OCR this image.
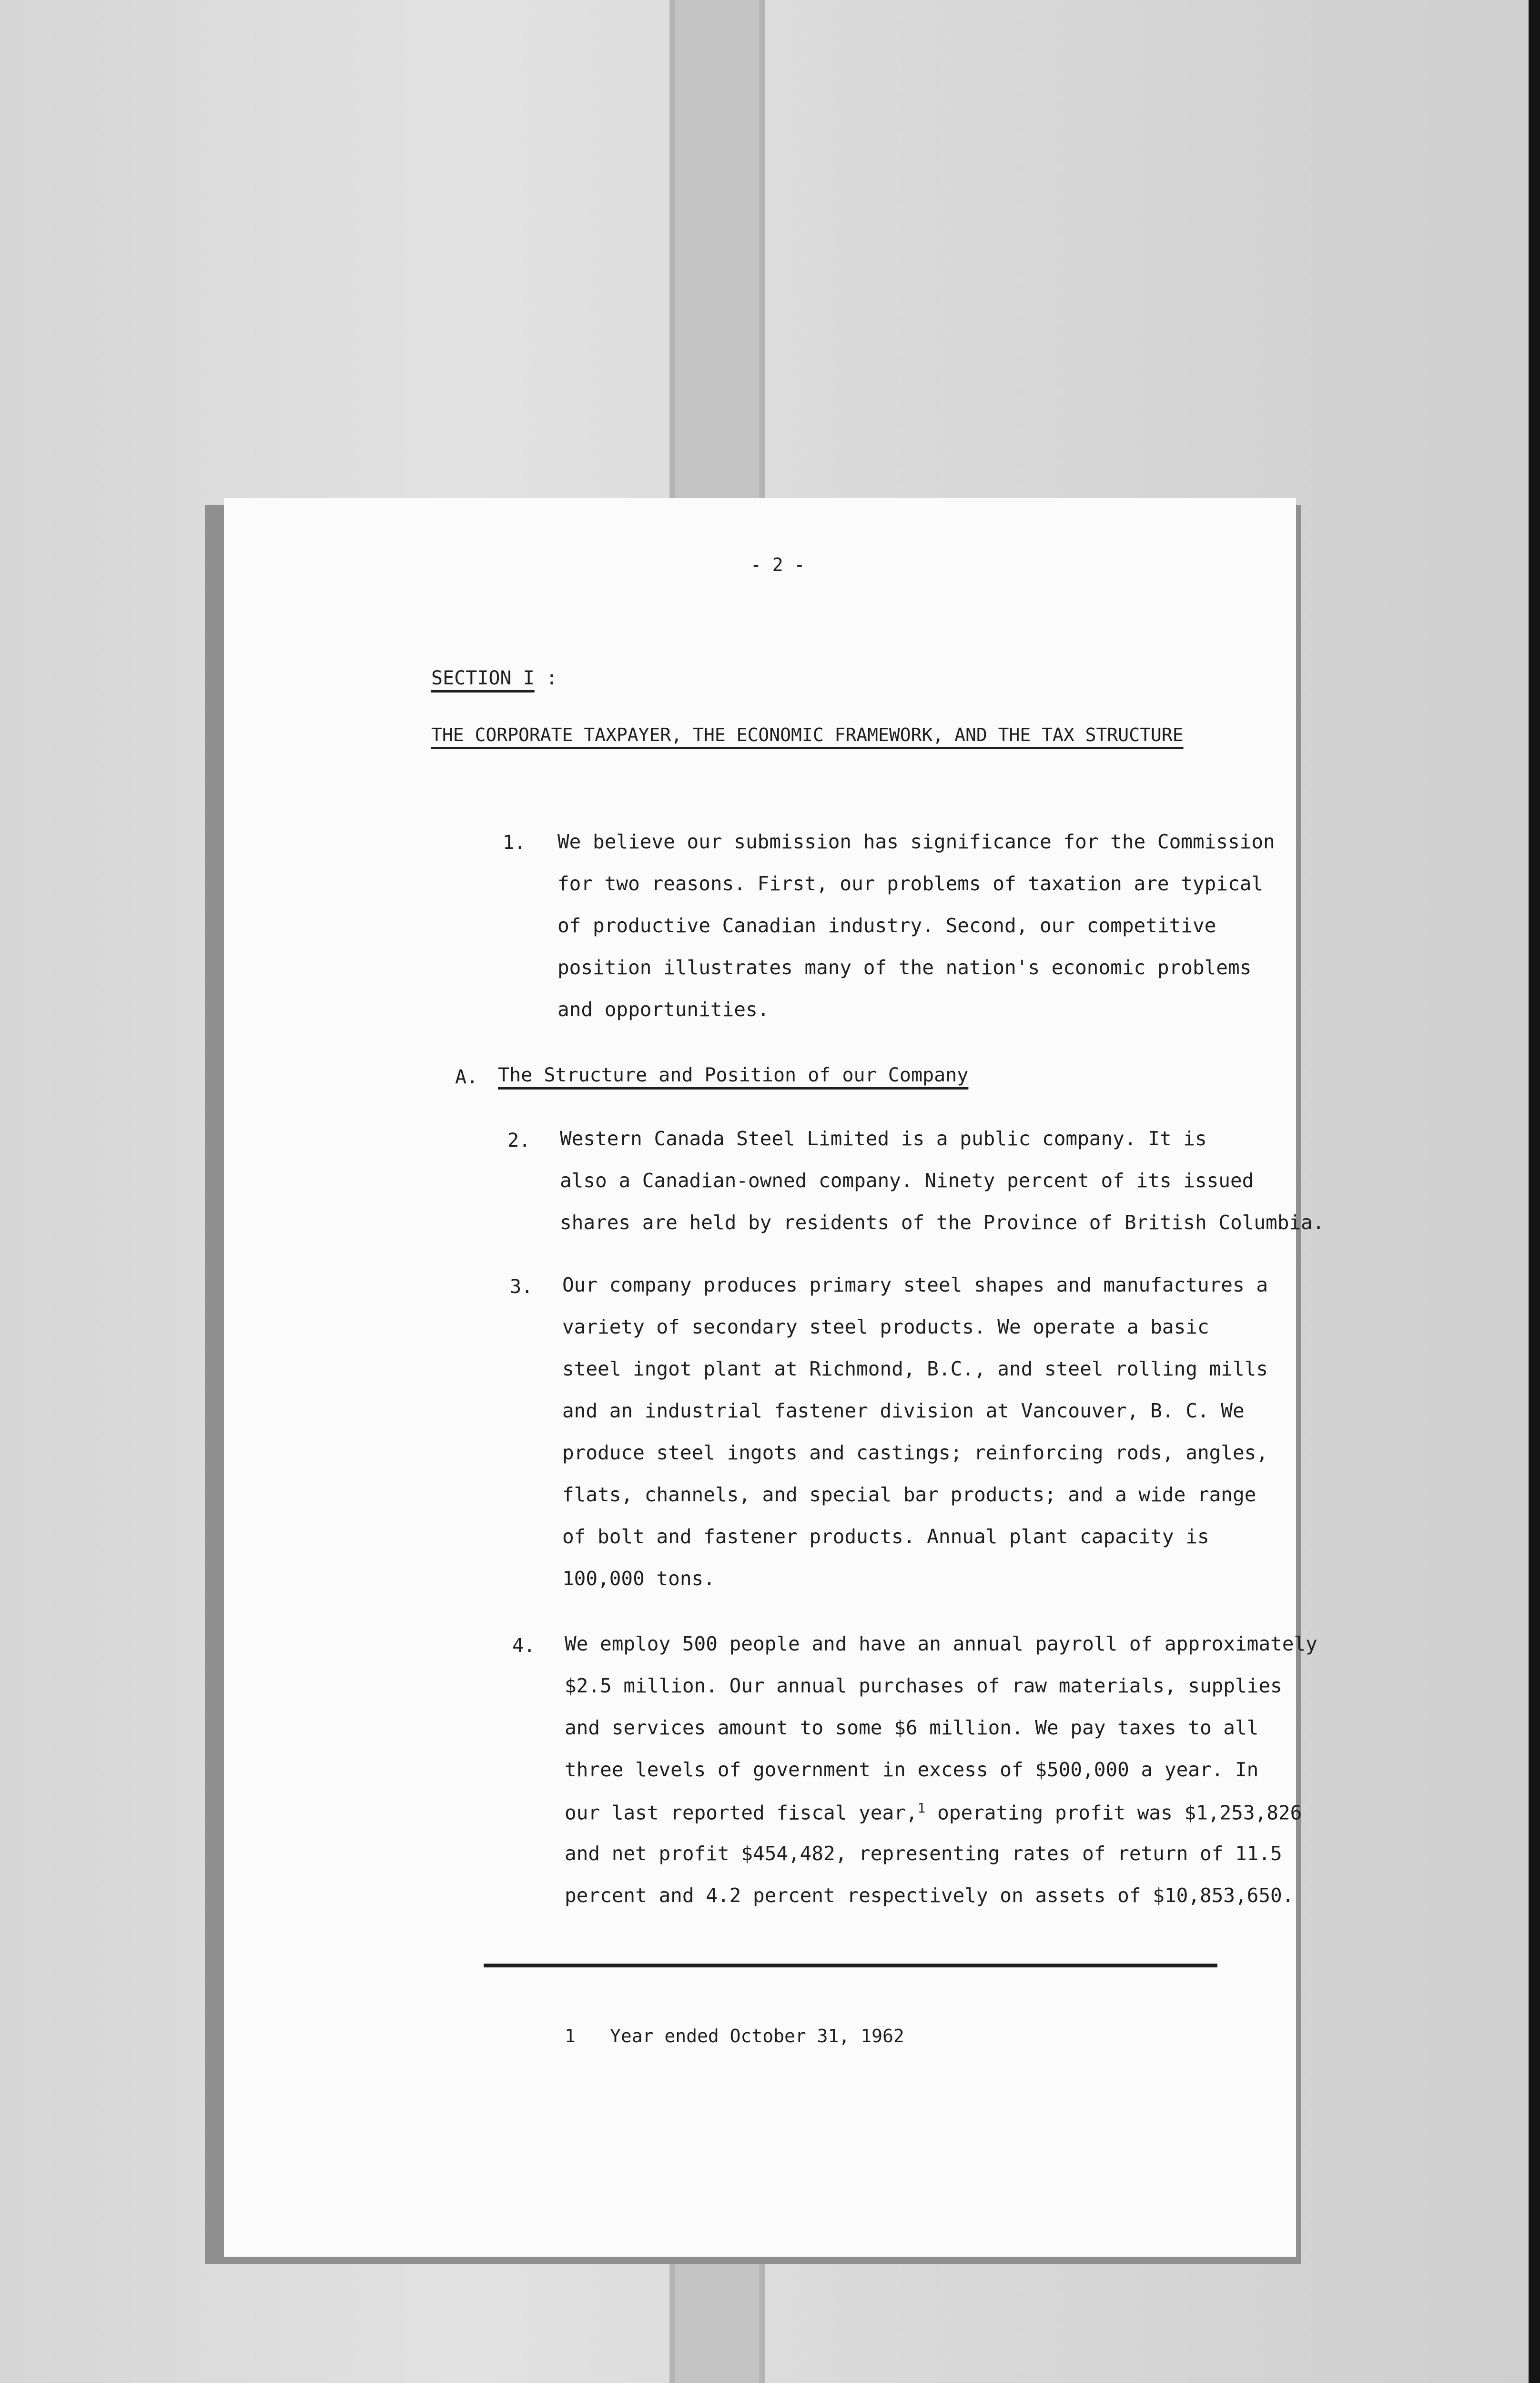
- 2 -
SECTION I :
THE CORPORATE TAXPAYER, THE ECONOMIC FRAMEWORK, AND THE TAX STRUCTURE
1. We believe our submission has significance for the Commission
for two reasons. First, our problems of taxation are typical
of productive Canadian industry. Second, our competitive
position illustrates many of the nation's economic problems
and opportunities.
A. The Structure and Position of our Company
2. Western Canada Steel Limited is a public company. It is
also a Canadian-owned company. Ninety percent of its issued
shares are held by residents of the Province of British Columbia.
3. Our company produces primary steel shapes and manufactures a
variety of secondary steel products. We operate a basic
steel ingot plant at Richmond, B.C., and steel rolling mills
and an industrial fastener division at Vancouver, B. C. We
produce steel ingots and castings; reinforcing rods, angles,
flats, channels, and special bar products; and a wide range
of bolt and fastener products. Annual plant capacity is
100,000 tons.
4. We employ 500 people and have an annual payroll of approximately
$2.5 million. Our annual purchases of raw materials, supplies
and services amount to some $6 million. We pay taxes to all
three levels of government in excess of $500,000 a year. In
our last reported fiscal year,$^1$ operating profit was $1,253,826
and net profit $454,482, representing rates of return of 11.5
percent and 4.2 percent respectively on assets of $10,853,650.
1 Year ended October 31, 1962
